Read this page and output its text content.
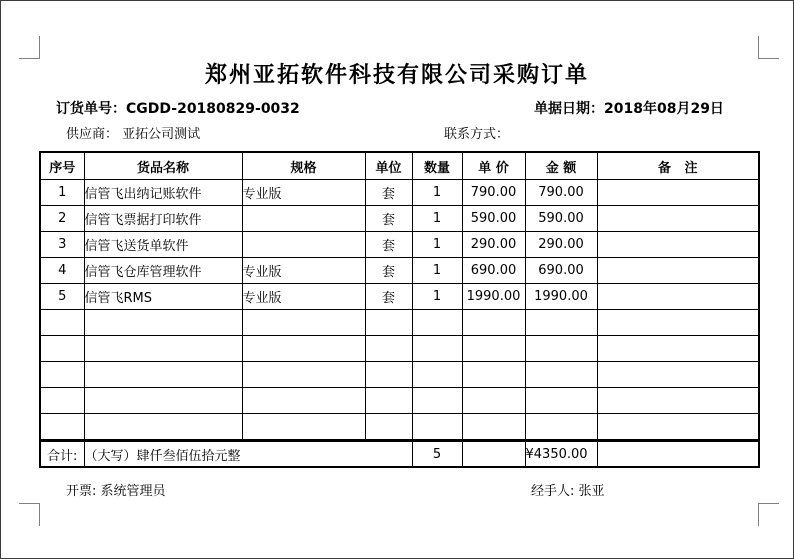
郑州亚拓软件科技有限公司采购订单
订货单号：CGDD-20180829-0032	单据日期：2018年08月29日
供应商： 亚拓公司测试	联系方式：
序号	货品名称	规格	单位	数量	单 价	金 额	备   注
1	信管飞出纳记账软件	专业版	套	1	790.00	790.00	
2	信管飞票据打印软件		套	1	590.00	590.00	
3	信管飞送货单软件		套	1	290.00	290.00	
4	信管飞仓库管理软件	专业版	套	1	690.00	690.00	
5	信管飞RMS	专业版	套	1	1990.00	1990.00	

合计:	（大写）肆仟叁佰伍拾元整			5		¥4350.00	
开票: 系统管理员	经手人: 张亚
